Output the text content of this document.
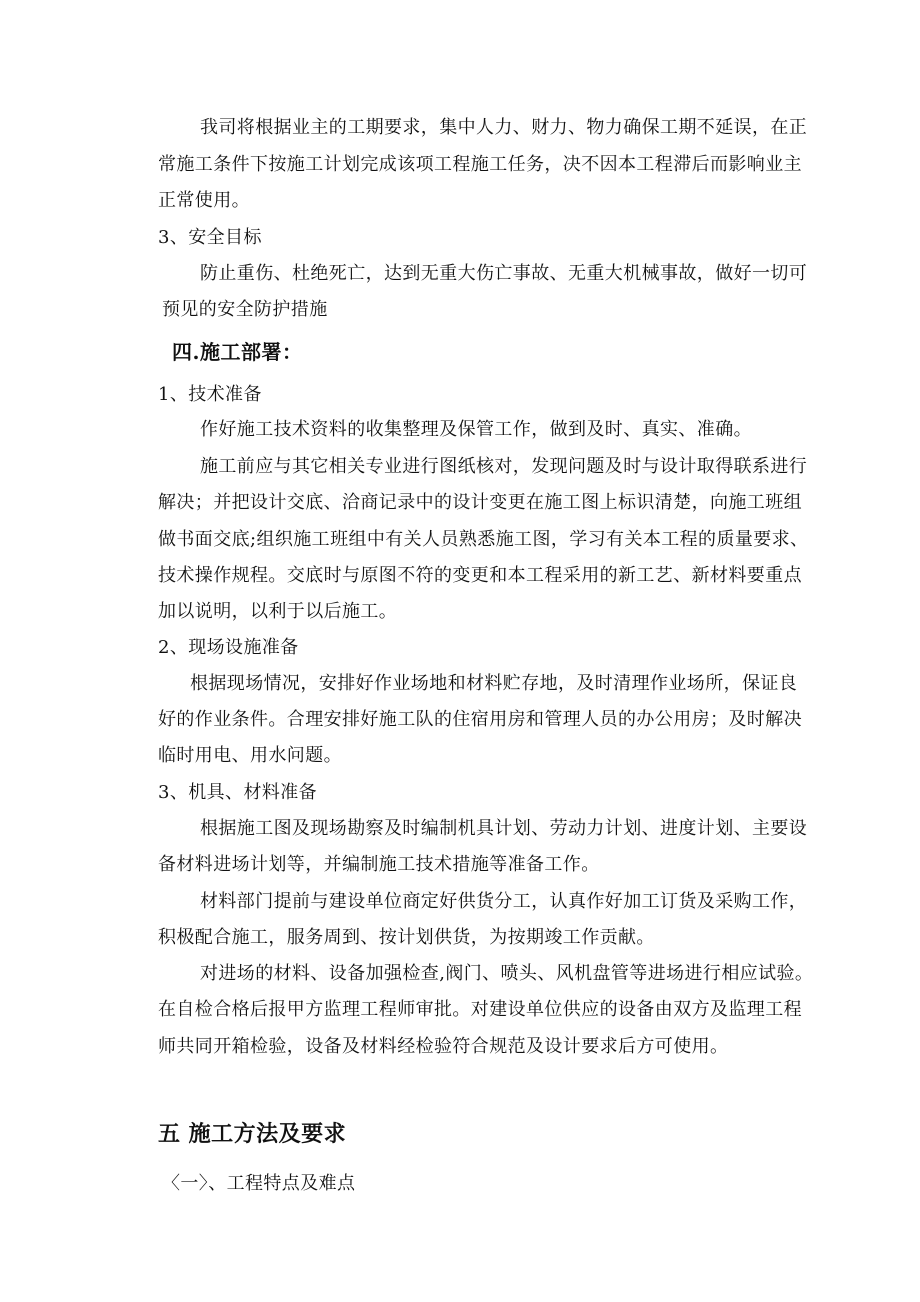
我司将根据业主的工期要求，集中人力、财力、物力确保工期不延误，在正
常施工条件下按施工计划完成该项工程施工任务，决不因本工程滞后而影响业主
正常使用。
3、安全目标
防止重伤、杜绝死亡，达到无重大伤亡事故、无重大机械事故，做好一切可
预见的安全防护措施
四.施工部署：
1、技术准备
作好施工技术资料的收集整理及保管工作，做到及时、真实、准确。
施工前应与其它相关专业进行图纸核对，发现问题及时与设计取得联系进行
解决；并把设计交底、洽商记录中的设计变更在施工图上标识清楚，向施工班组
做书面交底;组织施工班组中有关人员熟悉施工图，学习有关本工程的质量要求、
技术操作规程。交底时与原图不符的变更和本工程采用的新工艺、新材料要重点
加以说明，以利于以后施工。
2、现场设施准备
根据现场情况，安排好作业场地和材料贮存地，及时清理作业场所，保证良
好的作业条件。合理安排好施工队的住宿用房和管理人员的办公用房；及时解决
临时用电、用水问题。
3、机具、材料准备
根据施工图及现场勘察及时编制机具计划、劳动力计划、进度计划、主要设
备材料进场计划等，并编制施工技术措施等准备工作。
材料部门提前与建设单位商定好供货分工，认真作好加工订货及采购工作，
积极配合施工，服务周到、按计划供货，为按期竣工作贡献。
对进场的材料、设备加强检查,阀门、喷头、风机盘管等进场进行相应试验。
在自检合格后报甲方监理工程师审批。对建设单位供应的设备由双方及监理工程
师共同开箱检验，设备及材料经检验符合规范及设计要求后方可使用。
五 施工方法及要求
〈一〉、工程特点及难点
